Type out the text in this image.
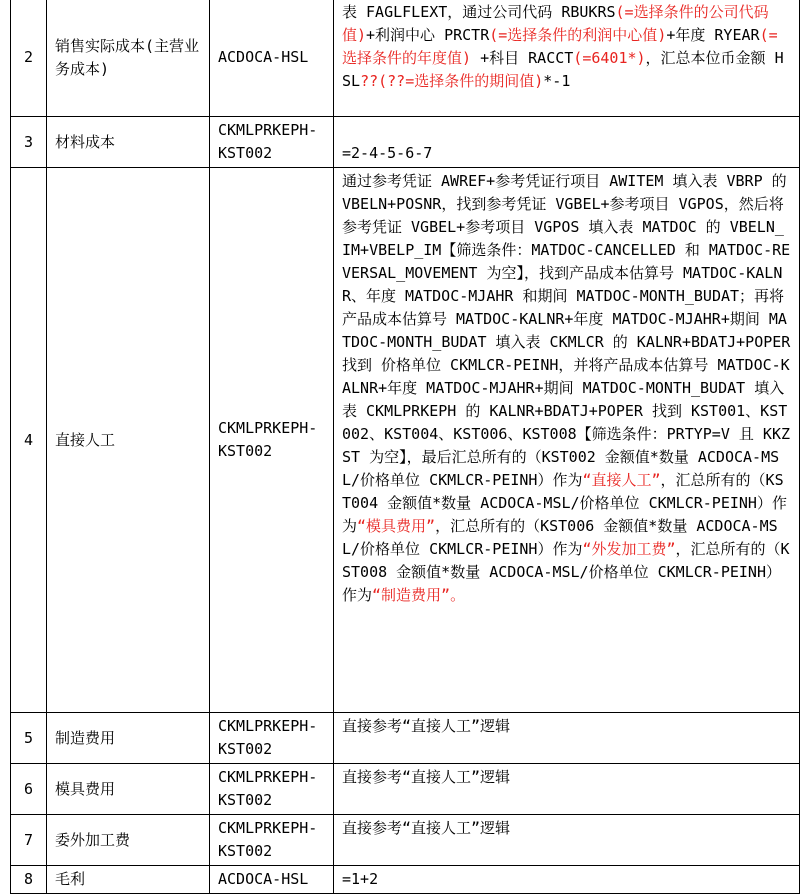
2	销售实际成本(主营业务成本)	ACDOCA-HSL	表 FAGLFLEXT，通过公司代码 RBUKRS(=选择条件的公司代码值)+利润中心 PRCTR(=选择条件的利润中心值)+年度 RYEAR(=选择条件的年度值) +科目 RACCT(=6401*)，汇总本位币金额 HSL??(??=选择条件的期间值)*-1
3	材料成本	CKMLPRKEPH-KST002	=2-4-5-6-7
4	直接人工	CKMLPRKEPH-KST002	通过参考凭证 AWREF+参考凭证行项目 AWITEM 填入表 VBRP 的 VBELN+POSNR，找到参考凭证 VGBEL+参考项目 VGPOS，然后将参考凭证 VGBEL+参考项目 VGPOS 填入表 MATDOC 的 VBELN_IM+VBELP_IM【筛选条件：MATDOC-CANCELLED 和 MATDOC-REVERSAL_MOVEMENT 为空】，找到产品成本估算号 MATDOC-KALNR、年度 MATDOC-MJAHR 和期间 MATDOC-MONTH_BUDAT；再将产品成本估算号 MATDOC-KALNR+年度 MATDOC-MJAHR+期间 MATDOC-MONTH_BUDAT 填入表 CKMLCR 的 KALNR+BDATJ+POPER 找到 价格单位 CKMLCR-PEINH，并将产品成本估算号 MATDOC-KALNR+年度 MATDOC-MJAHR+期间 MATDOC-MONTH_BUDAT 填入表 CKMLPRKEPH 的 KALNR+BDATJ+POPER 找到 KST001、KST002、KST004、KST006、KST008【筛选条件：PRTYP=V 且 KKZST 为空】，最后汇总所有的（KST002 金额值*数量 ACDOCA-MSL/价格单位 CKMLCR-PEINH）作为“直接人工”，汇总所有的（KST004 金额值*数量 ACDOCA-MSL/价格单位 CKMLCR-PEINH）作为“模具费用”，汇总所有的（KST006 金额值*数量 ACDOCA-MSL/价格单位 CKMLCR-PEINH）作为“外发加工费”，汇总所有的（KST008 金额值*数量 ACDOCA-MSL/价格单位 CKMLCR-PEINH）作为“制造费用”。
5	制造费用	CKMLPRKEPH-KST002	直接参考“直接人工”逻辑
6	模具费用	CKMLPRKEPH-KST002	直接参考“直接人工”逻辑
7	委外加工费	CKMLPRKEPH-KST002	直接参考“直接人工”逻辑
8	毛利	ACDOCA-HSL	=1+2
